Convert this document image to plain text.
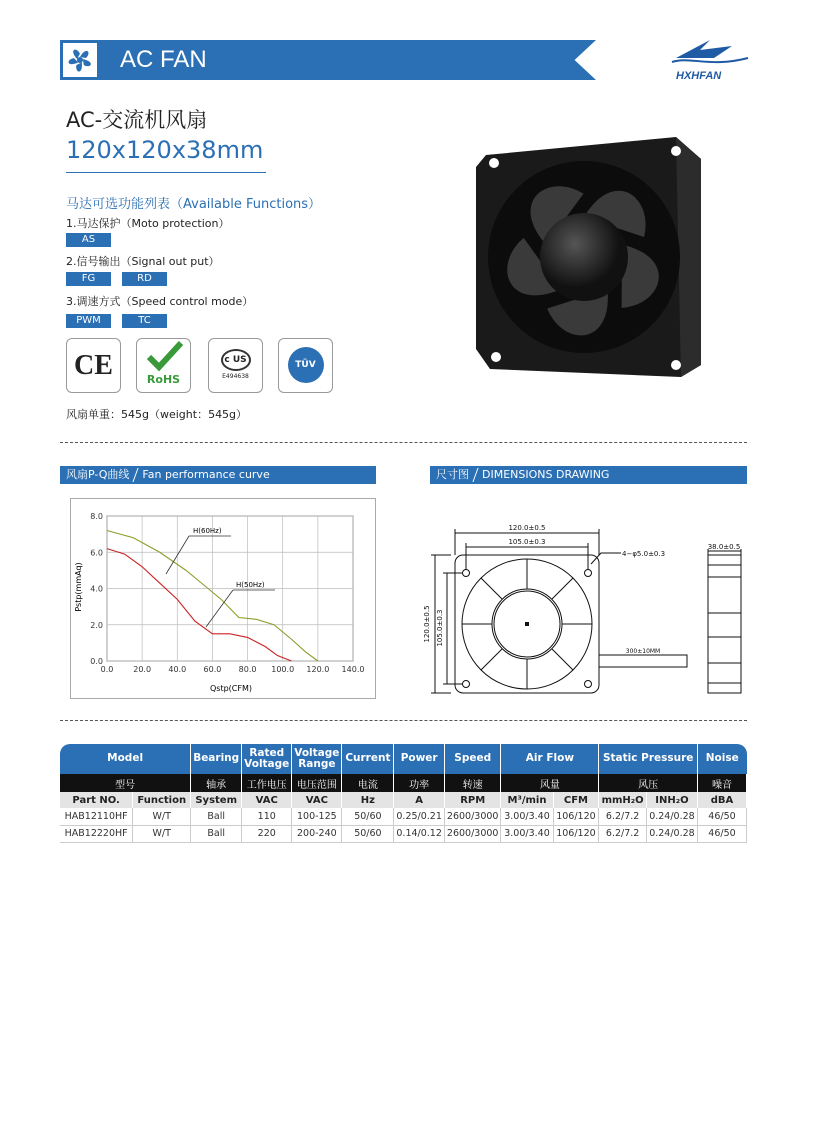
AC FAN
HXHFAN
AC-交流机风扇
120x120x38mm
马达可选功能列表（Available Functions）
1.马达保护（Moto protection）
AS
2.信号输出（Signal out put）
FG	RD
3.调速方式（Speed control mode）
PWM	TC
CE	RoHS
c US
E494638
TÜV
风扇单重：545g（weight：545g）
风扇P-Q曲线 Fan performance curve	尺寸图 DIMENSIONS DRAWING
0.0 20.0 40.0 60.0 80.0 100.0 120.0 140.0
0.0
2.0
4.0
6.0
8.0
Qstp(CFM)
Pstp(mmAq)
H(60Hz)
H(50Hz)
120.0±0.5
105.0±0.3
4−φ5.0±0.3
120.0±0.5 105.0±0.3
38.0±0.5
300±10MM
Model		Bearing	Rated Voltage	Voltage Range	Current	Power	Speed	Air Flow		Static Pressure		Noise
型号		轴承	工作电压	电压范围	电流	功率	转速	风量		风压		噪音
Part NO.	Function	System	VAC	VAC	Hz	A	RPM	M³/min	CFM	mmH₂O	INH₂O	dBA
HAB12110HF	W/T	Ball	110	100-125	50/60	0.25/0.21	2600/3000	3.00/3.40	106/120	6.2/7.2	0.24/0.28	46/50
HAB12220HF	W/T	Ball	220	200-240	50/60	0.14/0.12	2600/3000	3.00/3.40	106/120	6.2/7.2	0.24/0.28	46/50
